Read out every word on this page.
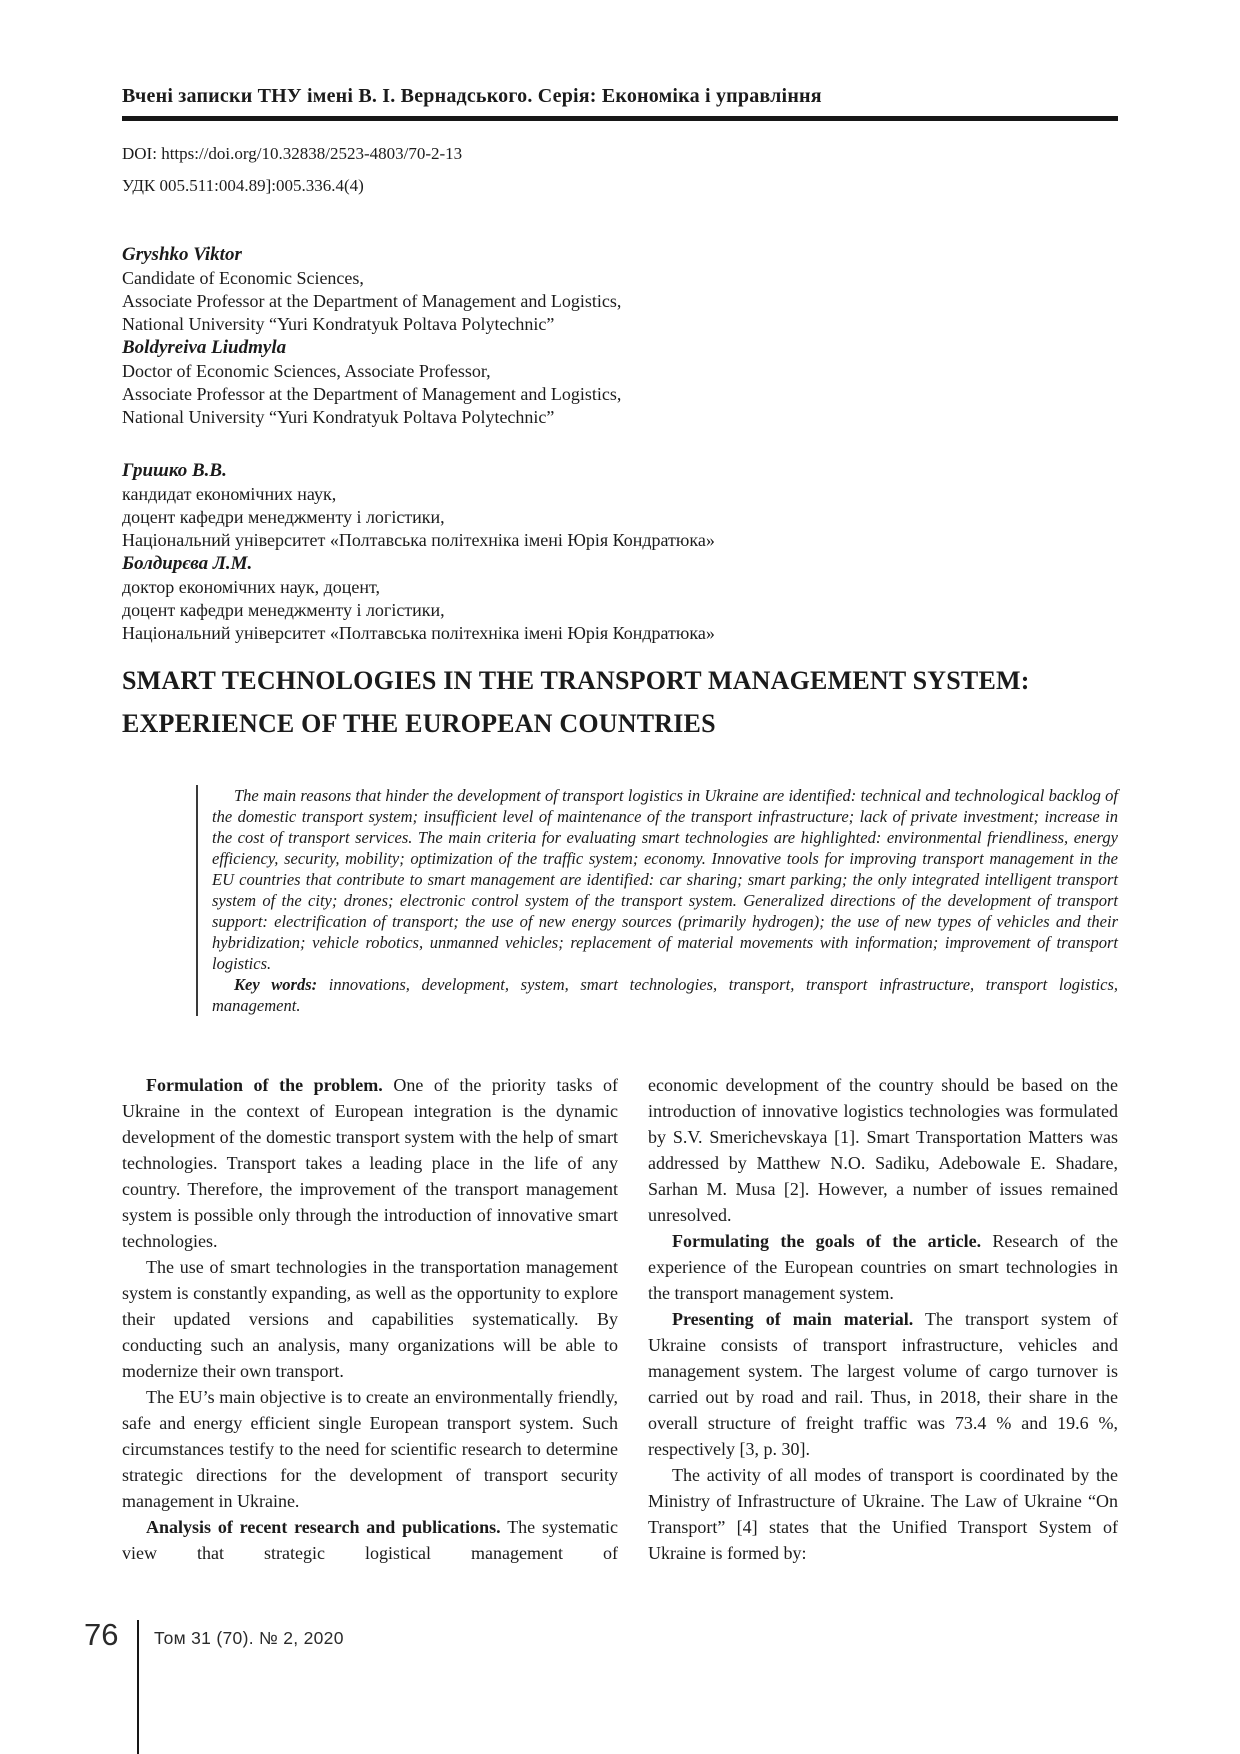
Вчені записки ТНУ імені В. І. Вернадського. Серія: Економіка і управління
DOI: https://doi.org/10.32838/2523-4803/70-2-13
УДК 005.511:004.89]:005.336.4(4)
Gryshko Viktor
Candidate of Economic Sciences,
Associate Professor at the Department of Management and Logistics,
National University “Yuri Kondratyuk Poltava Polytechnic”
Boldyreiva Liudmyla
Doctor of Economic Sciences, Associate Professor,
Associate Professor at the Department of Management and Logistics,
National University “Yuri Kondratyuk Poltava Polytechnic”
Гришко В.В.
кандидат економічних наук,
доцент кафедри менеджменту і логістики,
Національний університет «Полтавська політехніка імені Юрія Кондратюка»
Болдирєва Л.М.
доктор економічних наук, доцент,
доцент кафедри менеджменту і логістики,
Національний університет «Полтавська політехніка імені Юрія Кондратюка»
SMART TECHNOLOGIES IN THE TRANSPORT MANAGEMENT SYSTEM:
EXPERIENCE OF THE EUROPEAN COUNTRIES

The main reasons that hinder the development of transport logistics in Ukraine are identified: technical and technological backlog of the domestic transport system; insufficient level of maintenance of the transport infrastructure; lack of private investment; increase in the cost of transport services. The main criteria for evaluating smart technologies are highlighted: environmental friendliness, energy efficiency, security, mobility; optimization of the traffic system; economy. Innovative tools for improving transport management in the EU countries that contribute to smart management are identified: car sharing; smart parking; the only integrated intelligent transport system of the city; drones; electronic control system of the transport system. Generalized directions of the development of transport support: electrification of transport; the use of new energy sources (primarily hydrogen); the use of new types of vehicles and their hybridization; vehicle robotics, unmanned vehicles; replacement of material movements with information; improvement of transport logistics.

Key words: innovations, development, system, smart technologies, transport, transport infrastructure, transport logistics, management.

Formulation of the problem. One of the priority tasks of Ukraine in the context of European integration is the dynamic development of the domestic transport system with the help of smart technologies. Transport takes a leading place in the life of any country. Therefore, the improvement of the transport management system is possible only through the introduction of innovative smart technologies.

The use of smart technologies in the transportation management system is constantly expanding, as well as the opportunity to explore their updated versions and capabilities systematically. By conducting such an analysis, many organizations will be able to modernize their own transport.

The EU’s main objective is to create an environmentally friendly, safe and energy efficient single European transport system. Such circumstances testify to the need for scientific research to determine strategic directions for the development of transport security management in Ukraine.

Analysis of recent research and publications. The systematic view that strategic logistical management of

economic development of the country should be based on the introduction of innovative logistics technologies was formulated by S.V. Smerichevskaya [1]. Smart Transportation Matters was addressed by Matthew N.O. Sadiku, Adebowale E. Shadare, Sarhan M. Musa [2]. However, a number of issues remained unresolved.

Formulating the goals of the article. Research of the experience of the European countries on smart technologies in the transport management system.

Presenting of main material. The transport system of Ukraine consists of transport infrastructure, vehicles and management system. The largest volume of cargo turnover is carried out by road and rail. Thus, in 2018, their share in the overall structure of freight traffic was 73.4 % and 19.6 %, respectively [3, p. 30].

The activity of all modes of transport is coordinated by the Ministry of Infrastructure of Ukraine. The Law of Ukraine “On Transport” [4] states that the Unified Transport System of Ukraine is formed by:

76 Том 31 (70). № 2, 2020
